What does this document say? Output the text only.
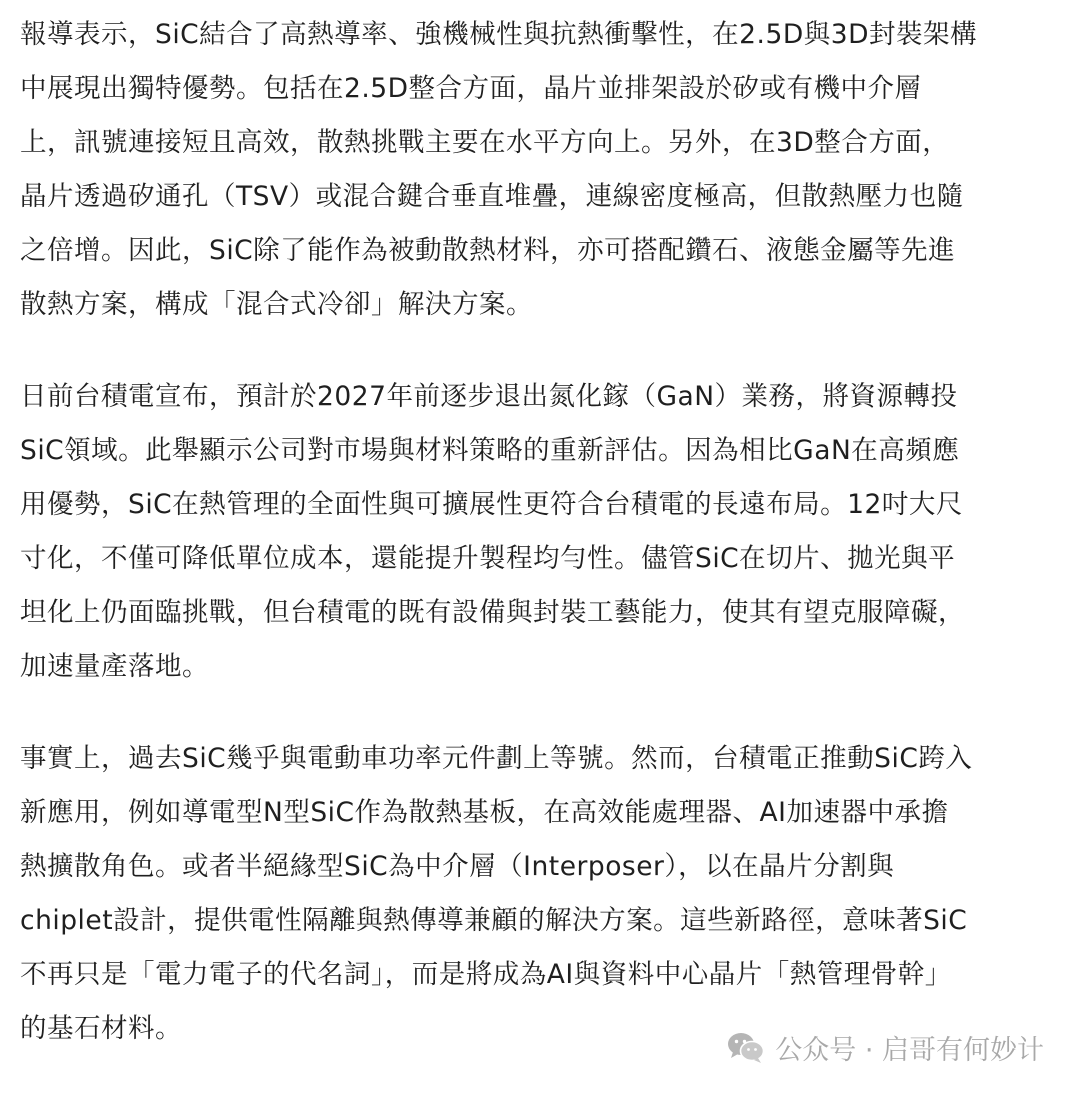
報導表示，SiC結合了高熱導率、強機械性與抗熱衝擊性，在2.5D與3D封裝架構
中展現出獨特優勢。包括在2.5D整合方面，晶片並排架設於矽或有機中介層
上，訊號連接短且高效，散熱挑戰主要在水平方向上。另外，在3D整合方面，
晶片透過矽通孔（TSV）或混合鍵合垂直堆疊，連線密度極高，但散熱壓力也隨
之倍增。因此，SiC除了能作為被動散熱材料，亦可搭配鑽石、液態金屬等先進
散熱方案，構成「混合式冷卻」解決方案。

日前台積電宣布，預計於2027年前逐步退出氮化鎵（GaN）業務，將資源轉投
SiC領域。此舉顯示公司對市場與材料策略的重新評估。因為相比GaN在高頻應
用優勢，SiC在熱管理的全面性與可擴展性更符合台積電的長遠布局。12吋大尺
寸化，不僅可降低單位成本，還能提升製程均勻性。儘管SiC在切片、拋光與平
坦化上仍面臨挑戰，但台積電的既有設備與封裝工藝能力，使其有望克服障礙，
加速量產落地。

事實上，過去SiC幾乎與電動車功率元件劃上等號。然而，台積電正推動SiC跨入
新應用，例如導電型N型SiC作為散熱基板，在高效能處理器、AI加速器中承擔
熱擴散角色。或者半絕緣型SiC為中介層（Interposer），以在晶片分割與
chiplet設計，提供電性隔離與熱傳導兼顧的解決方案。這些新路徑，意味著SiC
不再只是「電力電子的代名詞」，而是將成為AI與資料中心晶片「熱管理骨幹」
的基石材料。

公众号 · 启哥有何妙计
